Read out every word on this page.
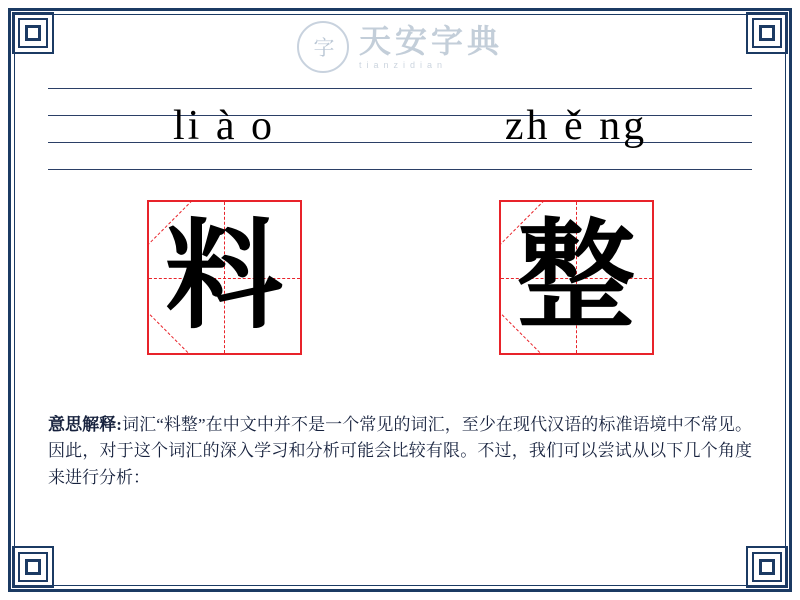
字 天安字典
tianzidian
li à o	zh ě ng
料 整
意思解释:词汇“料整”在中文中并不是一个常见的词汇，至少在现代汉语的标准语境中不常见。因此，对于这个词汇的深入学习和分析可能会比较有限。不过，我们可以尝试从以下几个角度来进行分析：
